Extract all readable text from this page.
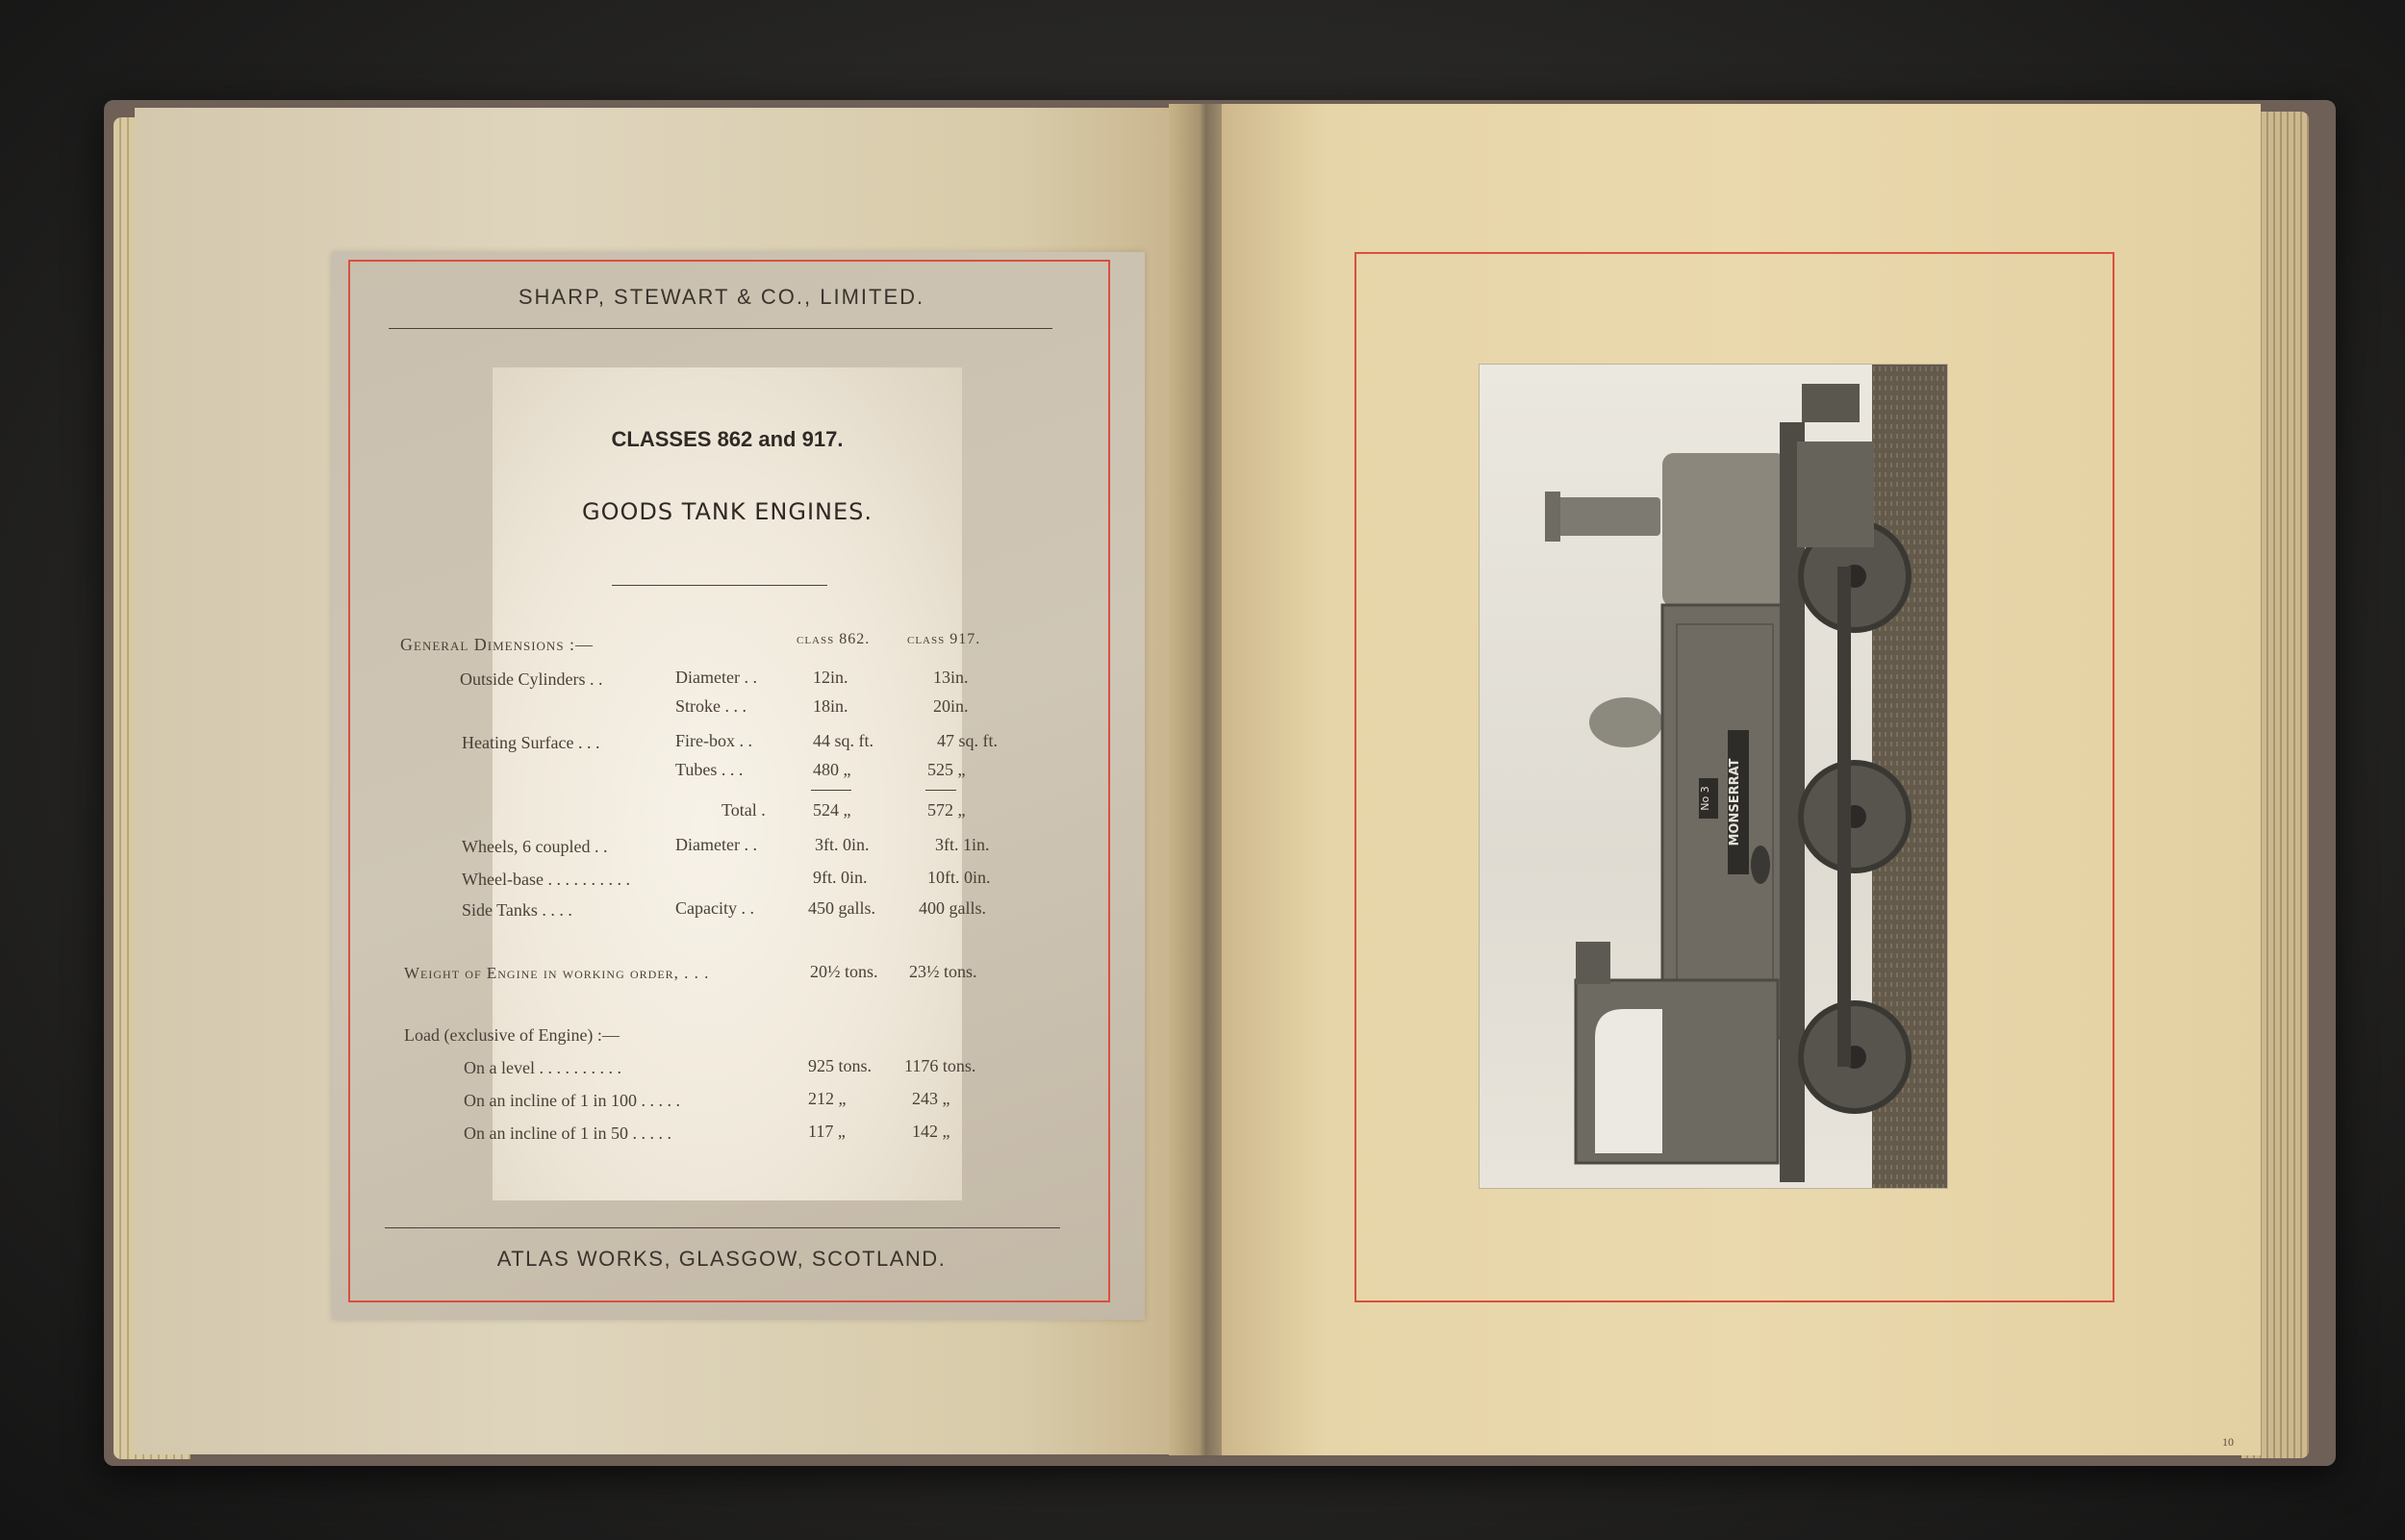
SHARP, STEWART & CO., LIMITED.
CLASSES 862 and 917.
GOODS TANK ENGINES.
General Dimensions :—	class 862. class 917.
Outside Cylinders . .	Diameter . .	12in.	13in.
Stroke . . .	18in.	20in.
Heating Surface . . .	Fire-box . .	44 sq. ft.	47 sq. ft.
Tubes . . .	480 „	525 „
Total .	524 „	572 „
Wheels, 6 coupled . .	Diameter . .	3ft. 0in.	3ft. 1in.
Wheel-base . . . . . . . . . .	9ft. 0in.	10ft. 0in.
Side Tanks . . . .	Capacity . .	450 galls.	400 galls.
Weight of Engine in working order, . . .	20½ tons. 23½ tons.
Load (exclusive of Engine) :—
On a level . . . . . . . . . .	925 tons. 1176 tons.
On an incline of 1 in 100 . . . . .	212 „	243 „
On an incline of 1 in 50 . . . . .	117 „	142 „
ATLAS WORKS, GLASGOW, SCOTLAND.
MONSERRAT
No 3
10
